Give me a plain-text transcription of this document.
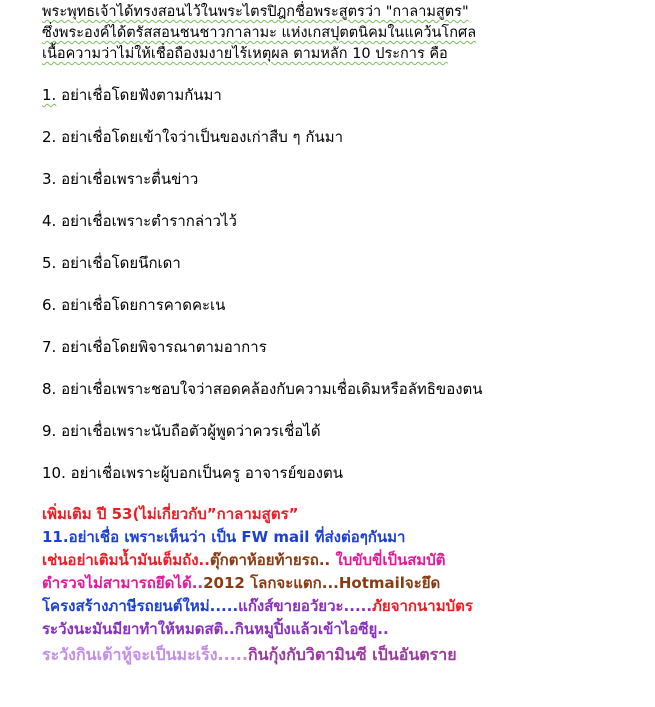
พระพุทธเจ้าได้ทรงสอนไว้ในพระไตรปิฎกชื่อพระสูตรว่า "กาลามสูตร"
ซึ่งพระองค์ได้ตรัสสอนชนชาวกาลามะ แห่งเกสปุตตนิคมในแคว้นโกศล
เนื้อความว่าไม่ให้เชื่อถืองมงายไร้เหตุผล ตามหลัก 10 ประการ คือ

1. อย่าเชื่อโดยฟังตามกันมา
2. อย่าเชื่อโดยเข้าใจว่าเป็นของเก่าสืบ ๆ กันมา
3. อย่าเชื่อเพราะตื่นข่าว
4. อย่าเชื่อเพราะตำรากล่าวไว้
5. อย่าเชื่อโดยนึกเดา
6. อย่าเชื่อโดยการคาดคะเน
7. อย่าเชื่อโดยพิจารณาตามอาการ
8. อย่าเชื่อเพราะชอบใจว่าสอดคล้องกับความเชื่อเดิมหรือลัทธิของตน
9. อย่าเชื่อเพราะนับถือตัวผู้พูดว่าควรเชื่อได้
10. อย่าเชื่อเพราะผู้บอกเป็นครู อาจารย์ของตน
เพิ่มเติม ปี 53(ไม่เกี่ยวกับ”กาลามสูตร”
11.อย่าเชื่อ เพราะเห็นว่า เป็น FW mail ที่ส่งต่อๆกันมา
เช่นอย่าเติมน้ำมันเต็มถัง..ตุ๊กตาห้อยท้ายรถ.. ใบขับขี่เป็นสมบัติ
ตำรวจไม่สามารถยึดได้..2012 โลกจะแตก...Hotmailจะยึด
โครงสร้างภาษีรถยนต์ใหม่.....แก๊งส์ขายอวัยวะ.....ภัยจากนามบัตร
ระวังนะมันมียาทำให้หมดสติ..กินหมูปิ้งแล้วเข้าไอซียู..
ระวังกินเต้าหู้จะเป็นมะเร็ง.....กินกุ้งกับวิตามินซี เป็นอันตราย
